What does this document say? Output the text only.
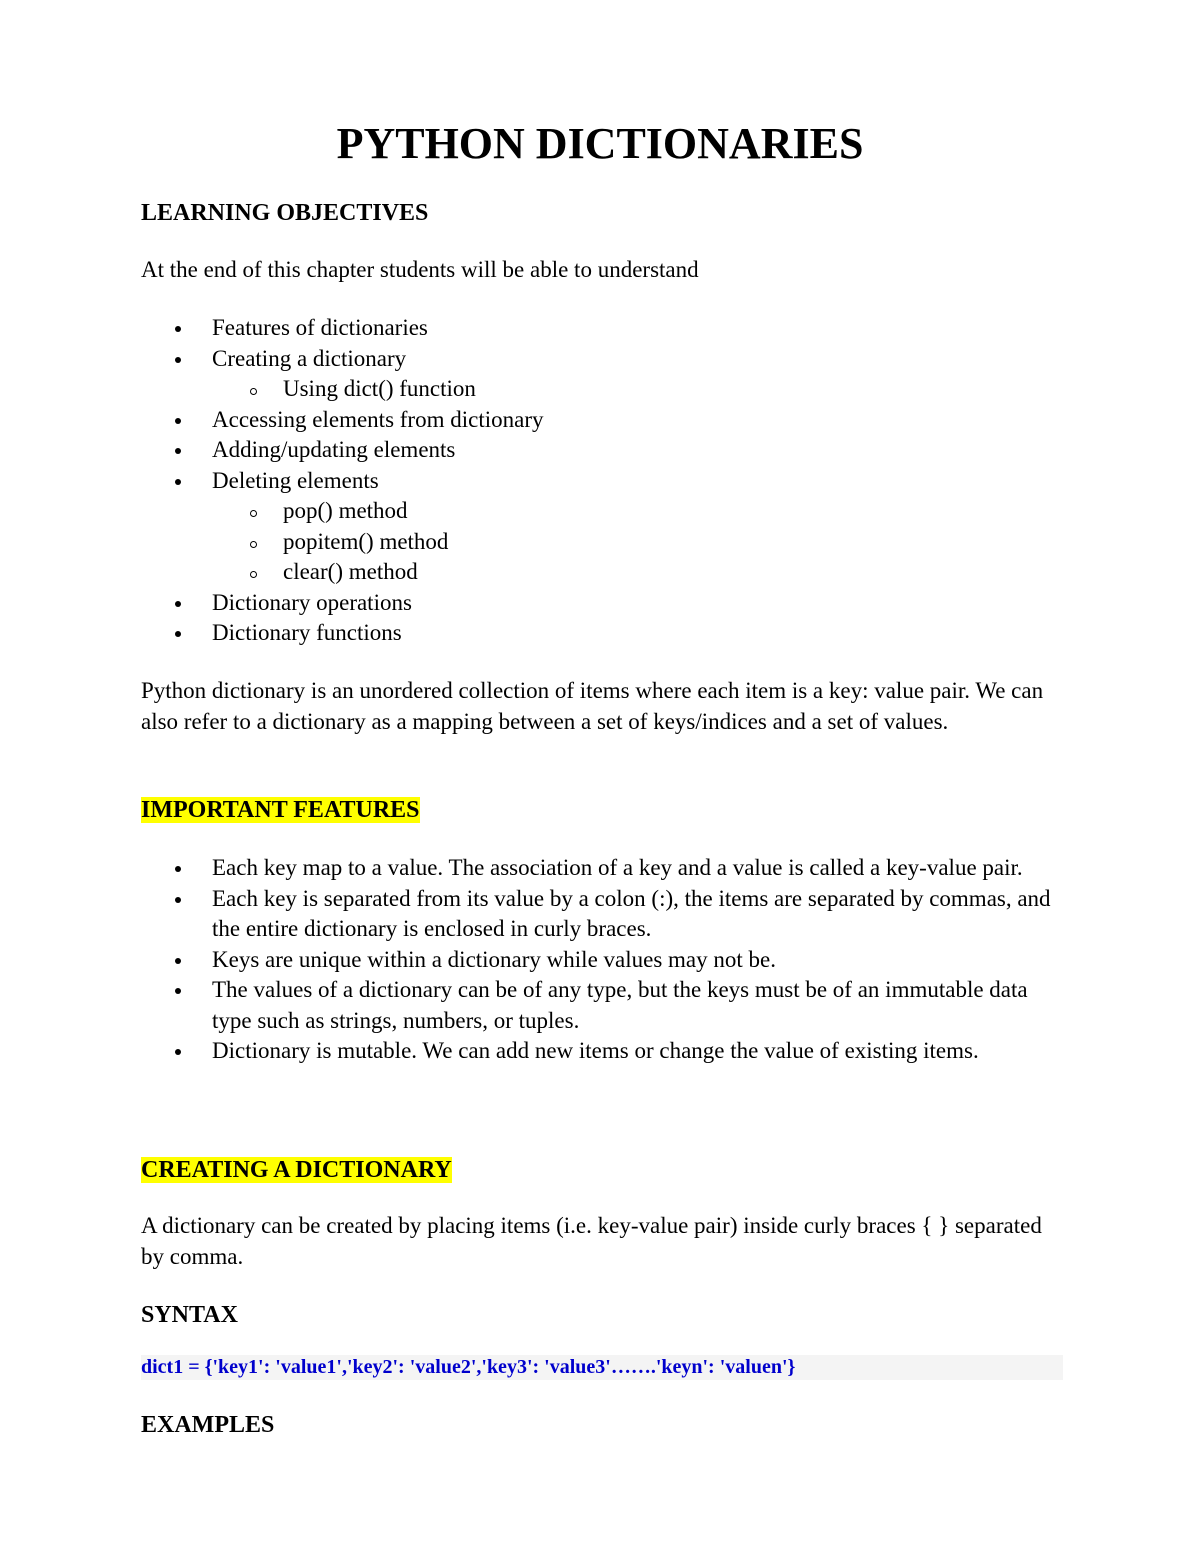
PYTHON DICTIONARIES
LEARNING OBJECTIVES

At the end of this chapter students will be able to understand

Features of dictionaries
Creating a dictionary
Using dict() function
Accessing elements from dictionary
Adding/updating elements
Deleting elements
pop() method
popitem() method
clear() method
Dictionary operations
Dictionary functions

Python dictionary is an unordered collection of items where each item is a key: value pair. We can also refer to a dictionary as a mapping between a set of keys/indices and a set of values.

IMPORTANT FEATURES
Each key map to a value. The association of a key and a value is called a key-value pair.
Each key is separated from its value by a colon (:), the items are separated by commas, and the entire dictionary is enclosed in curly braces.
Keys are unique within a dictionary while values may not be.
The values of a dictionary can be of any type, but the keys must be of an immutable data type such as strings, numbers, or tuples.
Dictionary is mutable. We can add new items or change the value of existing items.
CREATING A DICTIONARY

A dictionary can be created by placing items (i.e. key-value pair) inside curly braces { } separated by comma.

SYNTAX
dict1 = {'key1': 'value1','key2': 'value2','key3': 'value3'…….'keyn': 'valuen'}
EXAMPLES
